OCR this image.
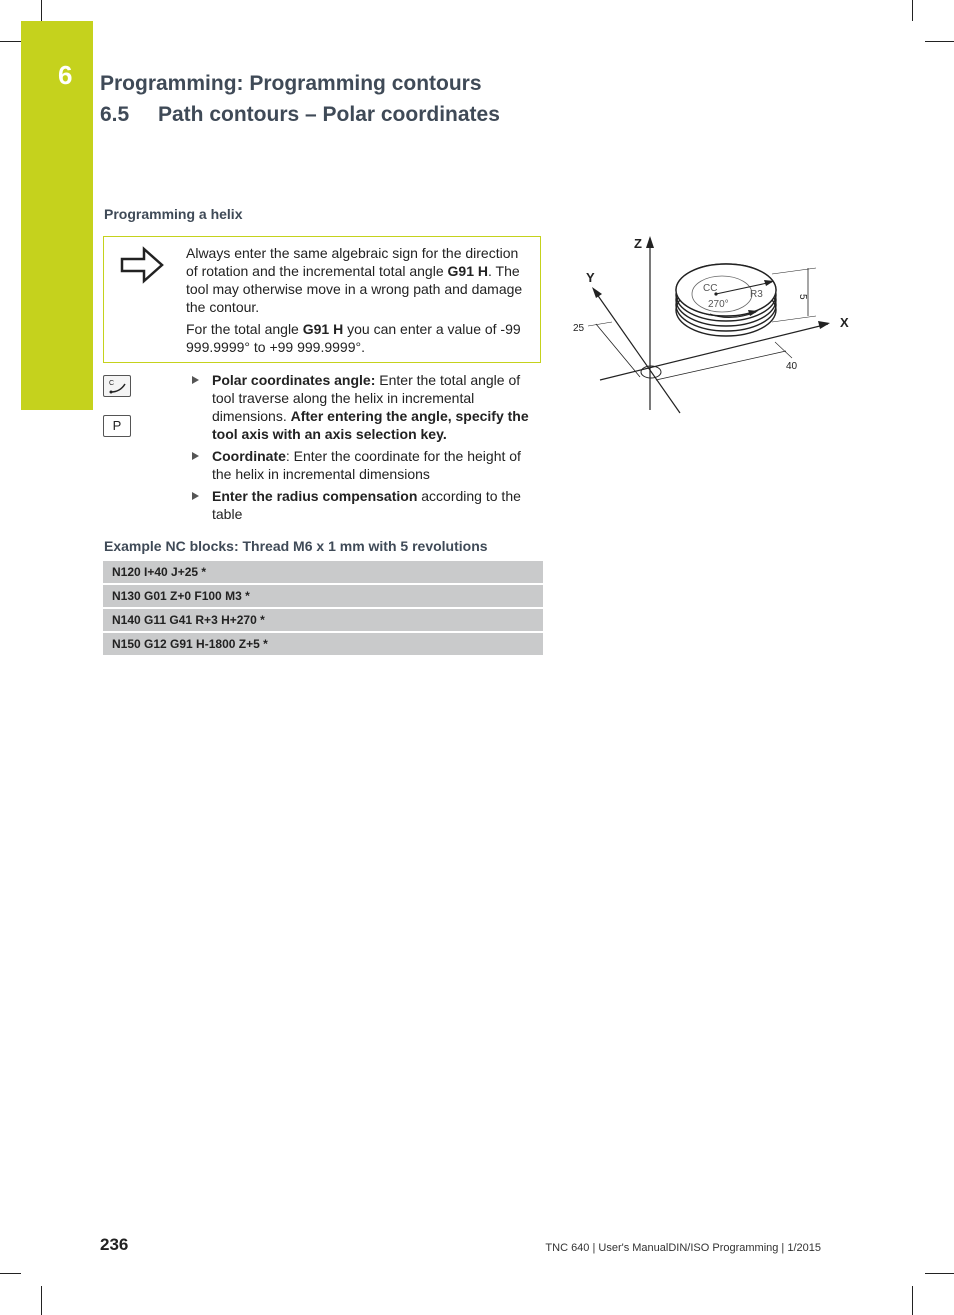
6 Programming: Programming contours
6.5 Path contours – Polar coordinates
Programming a helix

Always enter the same algebraic sign for the direction of rotation and the incremental total angle G91 H. The tool may otherwise move in a wrong path and damage the contour.

For the total angle G91 H you can enter a value of -99 999.9999° to +99 999.9999°.

C
P
Polar coordinates angle: Enter the total angle of tool traverse along the helix in incremental dimensions. After entering the angle, specify the tool axis with an axis selection key.
Coordinate: Enter the coordinate for the height of the helix in incremental dimensions
Enter the radius compensation according to the table
Example NC blocks: Thread M6 x 1 mm with 5 revolutions
N120 I+40 J+25 *
N130 G01 Z+0 F100 M3 *
N140 G11 G41 R+3 H+270 *
N150 G12 G91 H-1800 Z+5 *
Z
Y
X
25
40
5
CC
R3
270°
236	TNC 640 | User's ManualDIN/ISO Programming | 1/2015
